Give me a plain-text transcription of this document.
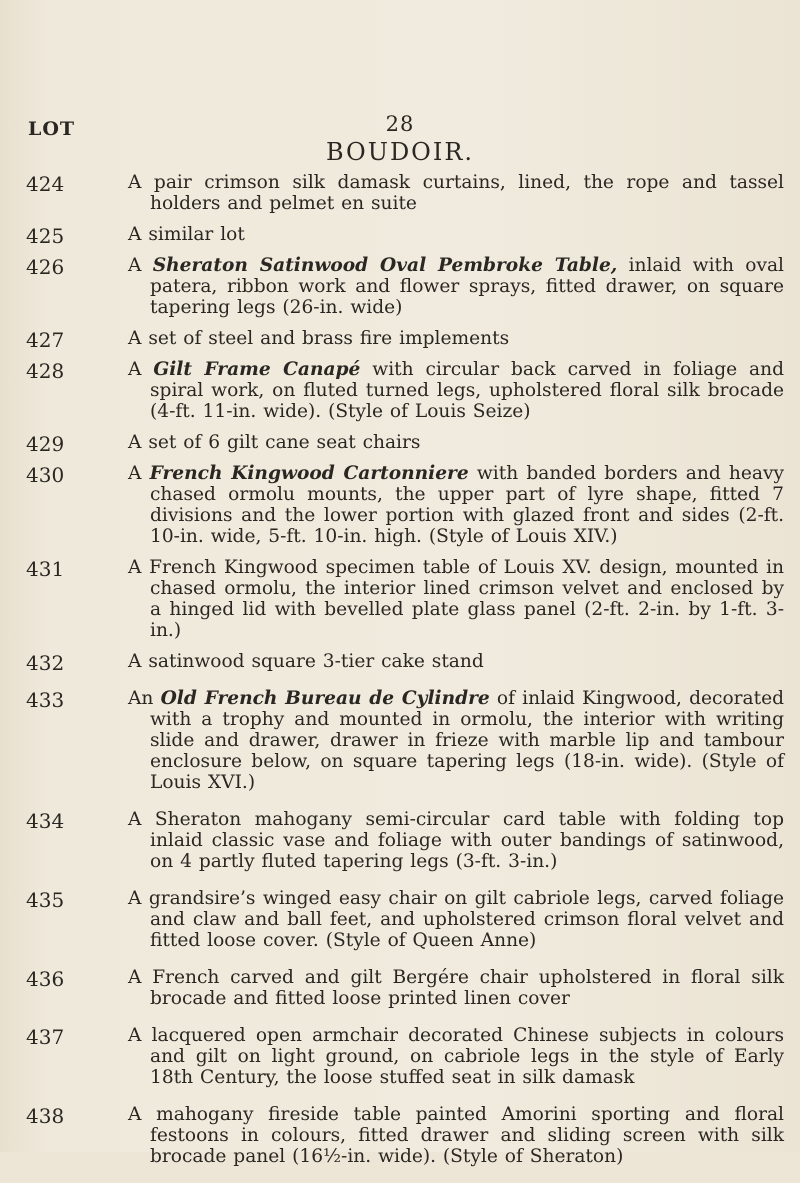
28
LOT
BOUDOIR.
424	A pair crimson silk damask curtains, lined, the rope and tassel holders and pelmet en suite
425	A similar lot
426	A Sheraton Satinwood Oval Pembroke Table, inlaid with oval patera, ribbon work and flower sprays, fitted drawer, on square tapering legs (26-in. wide)
427	A set of steel and brass fire implements
428	A Gilt Frame Canapé with circular back carved in foliage and spiral work, on fluted turned legs, upholstered floral silk brocade (4-ft. 11-in. wide). (Style of Louis Seize)
429	A set of 6 gilt cane seat chairs
430	A French Kingwood Cartonniere with banded borders and heavy chased ormolu mounts, the upper part of lyre shape, fitted 7 divisions and the lower portion with glazed front and sides (2-ft. 10-in. wide, 5-ft. 10-in. high. (Style of Louis XIV.)
431	A French Kingwood specimen table of Louis XV. design, mounted in chased ormolu, the interior lined crimson velvet and enclosed by a hinged lid with bevelled plate glass panel (2-ft. 2-in. by 1-ft. 3-in.)
432	A satinwood square 3-tier cake stand
433	An Old French Bureau de Cylindre of inlaid Kingwood, decorated with a trophy and mounted in ormolu, the interior with writing slide and drawer, drawer in frieze with marble lip and tambour enclosure below, on square tapering legs (18-in. wide). (Style of Louis XVI.)
434	A Sheraton mahogany semi-circular card table with folding top inlaid classic vase and foliage with outer bandings of satinwood, on 4 partly fluted tapering legs (3-ft. 3-in.)
435	A grandsire’s winged easy chair on gilt cabriole legs, carved foliage and claw and ball feet, and upholstered crimson floral velvet and fitted loose cover. (Style of Queen Anne)
436	A French carved and gilt Bergére chair upholstered in floral silk brocade and fitted loose printed linen cover
437	A lacquered open armchair decorated Chinese subjects in colours and gilt on light ground, on cabriole legs in the style of Early 18th Century, the loose stuffed seat in silk damask
438	A mahogany fireside table painted Amorini sporting and floral festoons in colours, fitted drawer and sliding screen with silk brocade panel (16½-in. wide). (Style of Sheraton)
